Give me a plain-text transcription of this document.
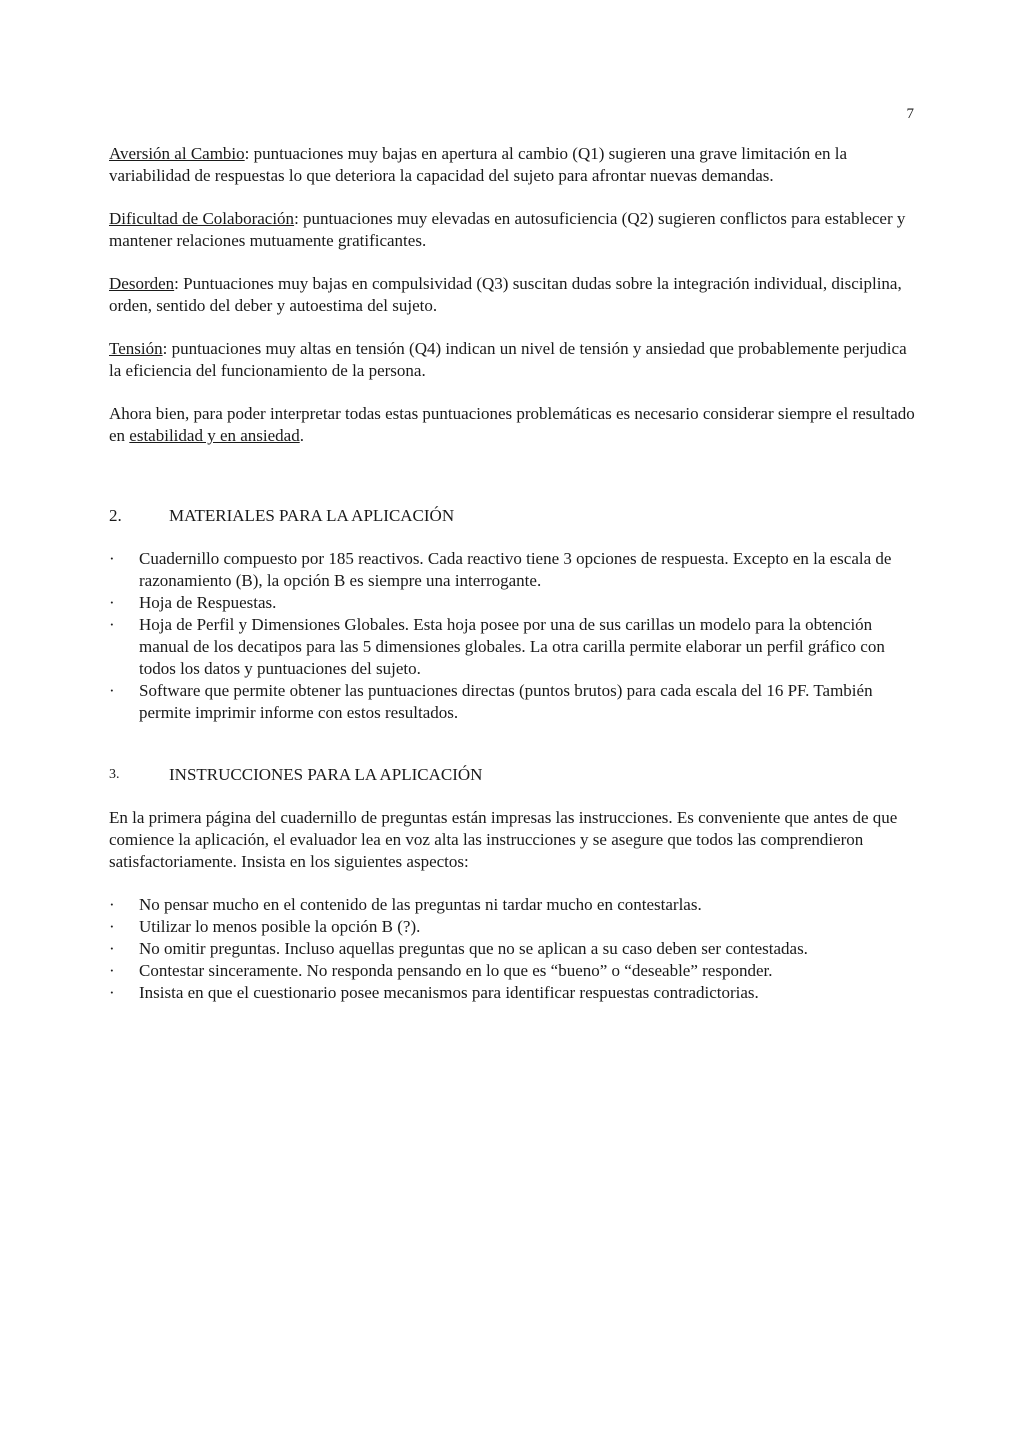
7

Aversión al Cambio: puntuaciones muy bajas en apertura al cambio (Q1) sugieren una grave limitación en la variabilidad de respuestas lo que deteriora la capacidad del sujeto para afrontar nuevas demandas.

Dificultad de Colaboración: puntuaciones muy elevadas en autosuficiencia (Q2) sugieren conflictos para establecer y mantener relaciones mutuamente gratificantes.

Desorden: Puntuaciones muy bajas en compulsividad (Q3) suscitan dudas sobre la integración individual, disciplina, orden, sentido del deber y autoestima del sujeto.

Tensión: puntuaciones muy altas en tensión (Q4) indican un nivel de tensión y ansiedad que probablemente perjudica la eficiencia del funcionamiento de la persona.

Ahora bien, para poder interpretar todas estas puntuaciones problemáticas es necesario considerar siempre el resultado en estabilidad y en ansiedad.

2.	MATERIALES PARA LA APLICACIÓN
·	Cuadernillo compuesto por 185 reactivos. Cada reactivo tiene 3 opciones de respuesta. Excepto en la escala de razonamiento (B), la opción B es siempre una interrogante.
·	Hoja de Respuestas.
·	Hoja de Perfil y Dimensiones Globales. Esta hoja posee por una de sus carillas un modelo para la obtención manual de los decatipos para las 5 dimensiones globales. La otra carilla permite elaborar un perfil gráfico con todos los datos y puntuaciones del sujeto.
·	Software que permite obtener las puntuaciones directas (puntos brutos) para cada escala del 16 PF. También permite imprimir informe con estos resultados.
3.	INSTRUCCIONES PARA LA APLICACIÓN

En la primera página del cuadernillo de preguntas están impresas las instrucciones. Es conveniente que antes de que comience la aplicación, el evaluador lea en voz alta las instrucciones y se asegure que todos las comprendieron satisfactoriamente. Insista en los siguientes aspectos:

·	No pensar mucho en el contenido de las preguntas ni tardar mucho en contestarlas.
·	Utilizar lo menos posible la opción B (?).
·	No omitir preguntas. Incluso aquellas preguntas que no se aplican a su caso deben ser contestadas.
·	Contestar sinceramente. No responda pensando en lo que es “bueno” o “deseable” responder.
·	Insista en que el cuestionario posee mecanismos para identificar respuestas contradictorias.
